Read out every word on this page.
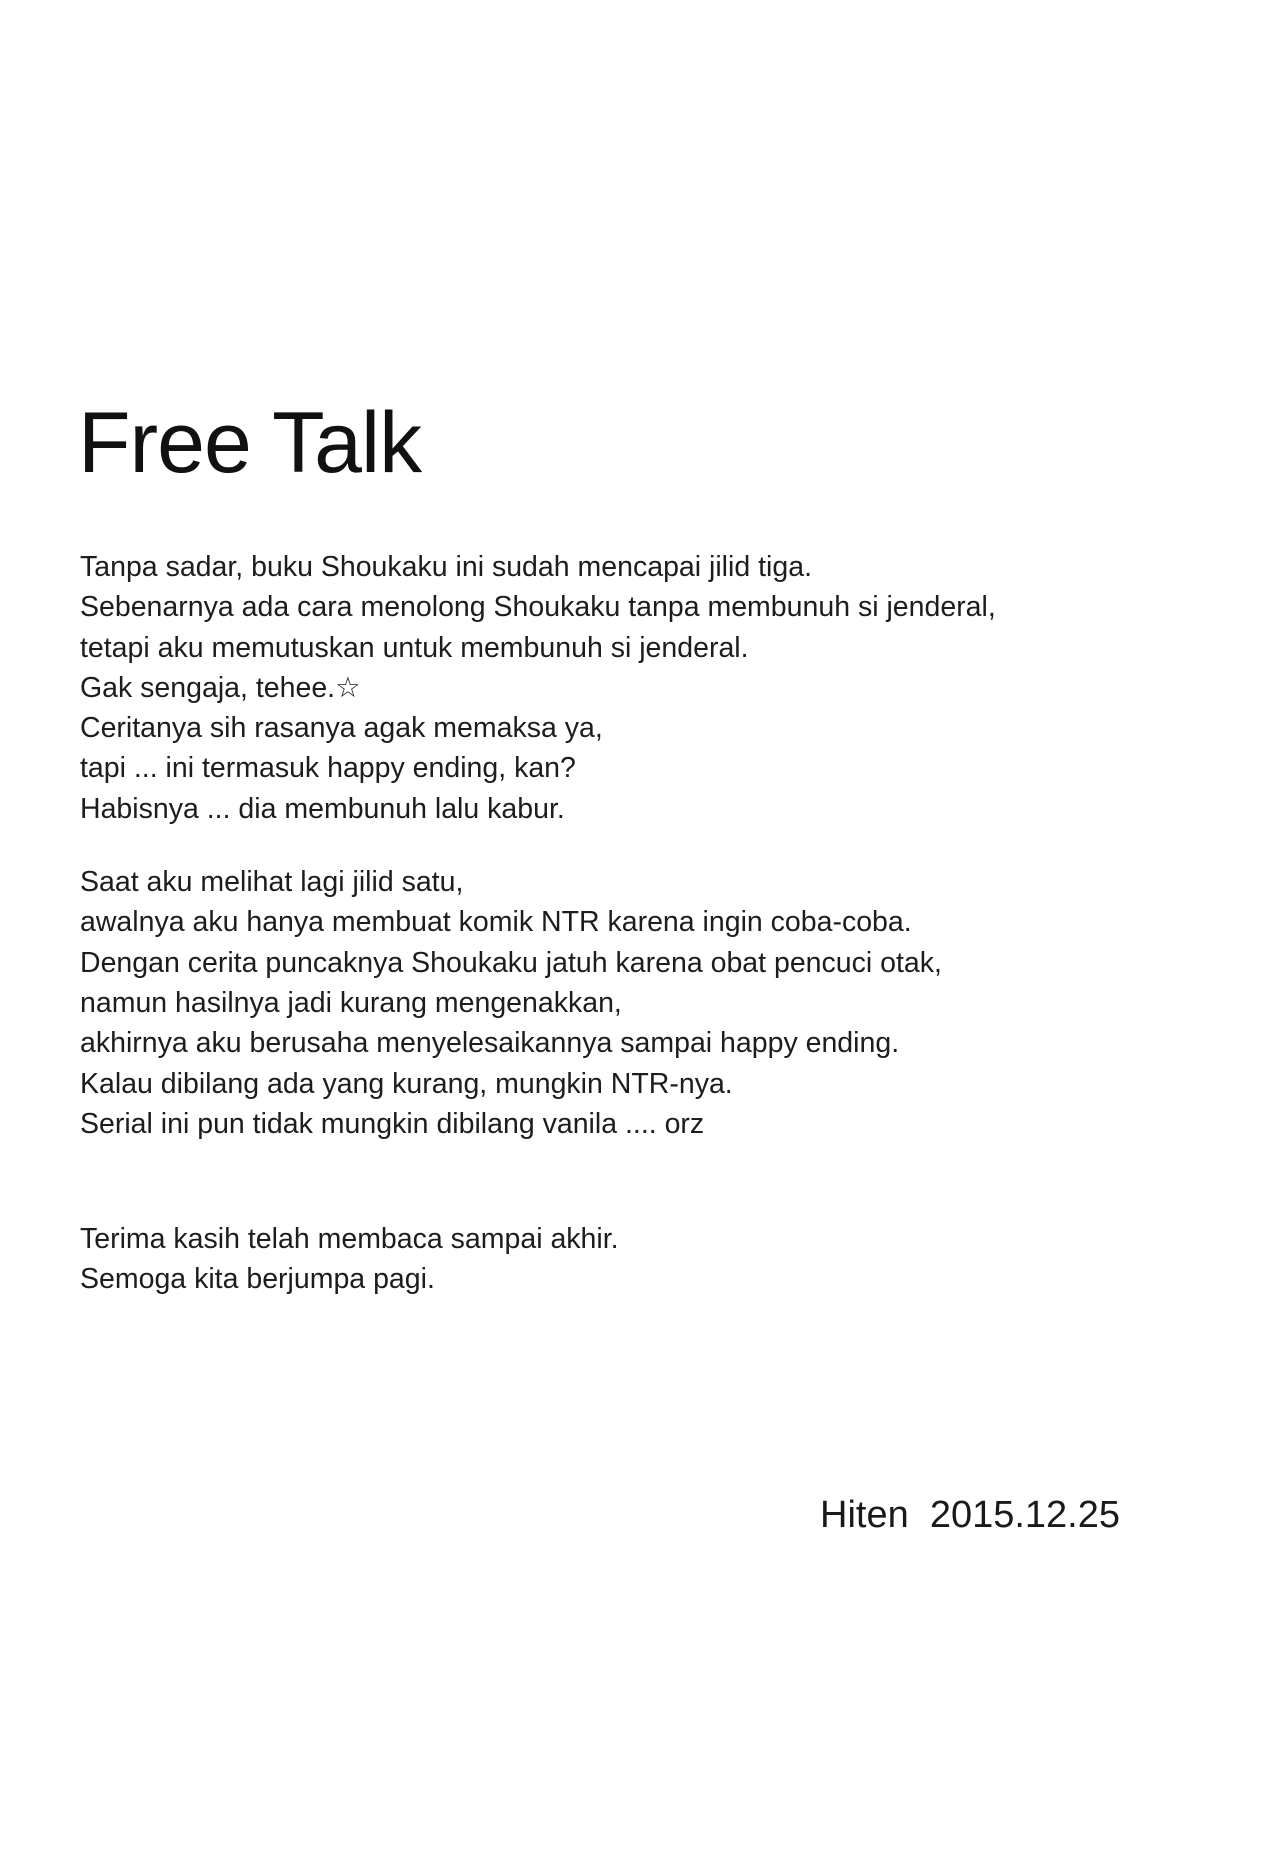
Free Talk
Tanpa sadar, buku Shoukaku ini sudah mencapai jilid tiga.
Sebenarnya ada cara menolong Shoukaku tanpa membunuh si jenderal,
tetapi aku memutuskan untuk membunuh si jenderal.
Gak sengaja, tehee.☆
Ceritanya sih rasanya agak memaksa ya,
tapi ... ini termasuk happy ending, kan?
Habisnya ... dia membunuh lalu kabur.
Saat aku melihat lagi jilid satu,
awalnya aku hanya membuat komik NTR karena ingin coba-coba.
Dengan cerita puncaknya Shoukaku jatuh karena obat pencuci otak,
namun hasilnya jadi kurang mengenakkan,
akhirnya aku berusaha menyelesaikannya sampai happy ending.
Kalau dibilang ada yang kurang, mungkin NTR-nya.
Serial ini pun tidak mungkin dibilang vanila .... orz
Terima kasih telah membaca sampai akhir.
Semoga kita berjumpa pagi.
Hiten  2015.12.25
